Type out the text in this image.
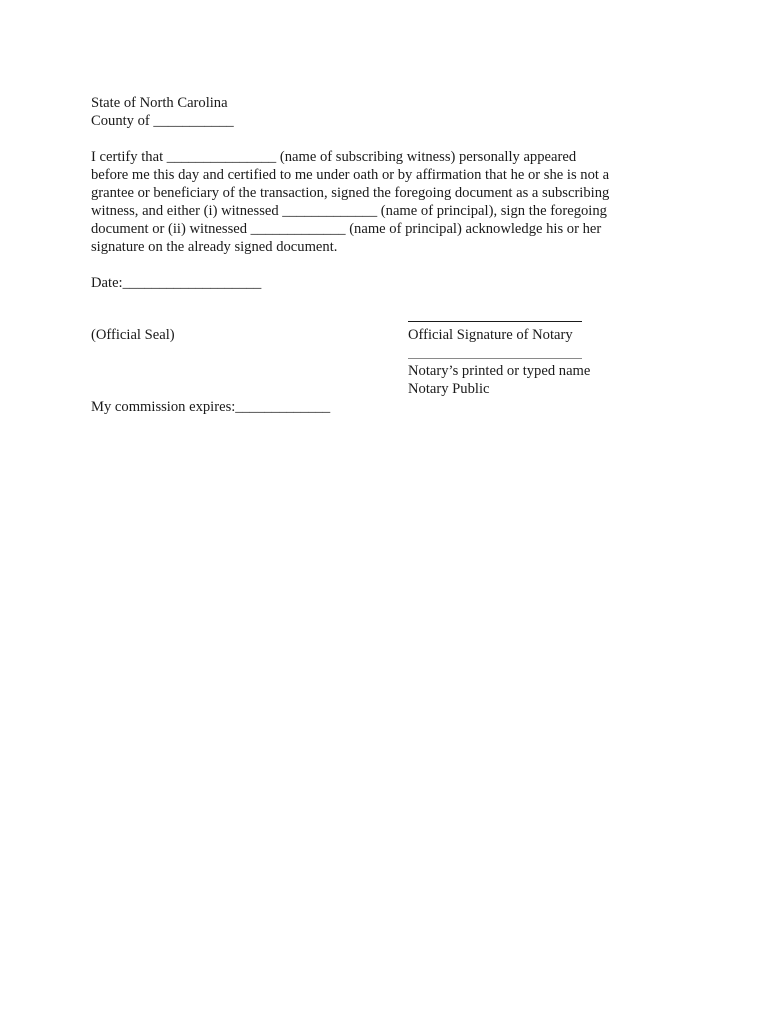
State of North Carolina
County of ___________
I certify that _______________ (name of subscribing witness) personally appeared
before me this day and certified to me under oath or by affirmation that he or she is not a
grantee or beneficiary of the transaction, signed the foregoing document as a subscribing
witness, and either (i) witnessed _____________ (name of principal), sign the foregoing
document or (ii) witnessed _____________ (name of principal) acknowledge his or her
signature on the already signed document.
Date:___________________
(Official Seal)	Official Signature of Notary
Notary’s printed or typed name
Notary Public
My commission expires:_____________
